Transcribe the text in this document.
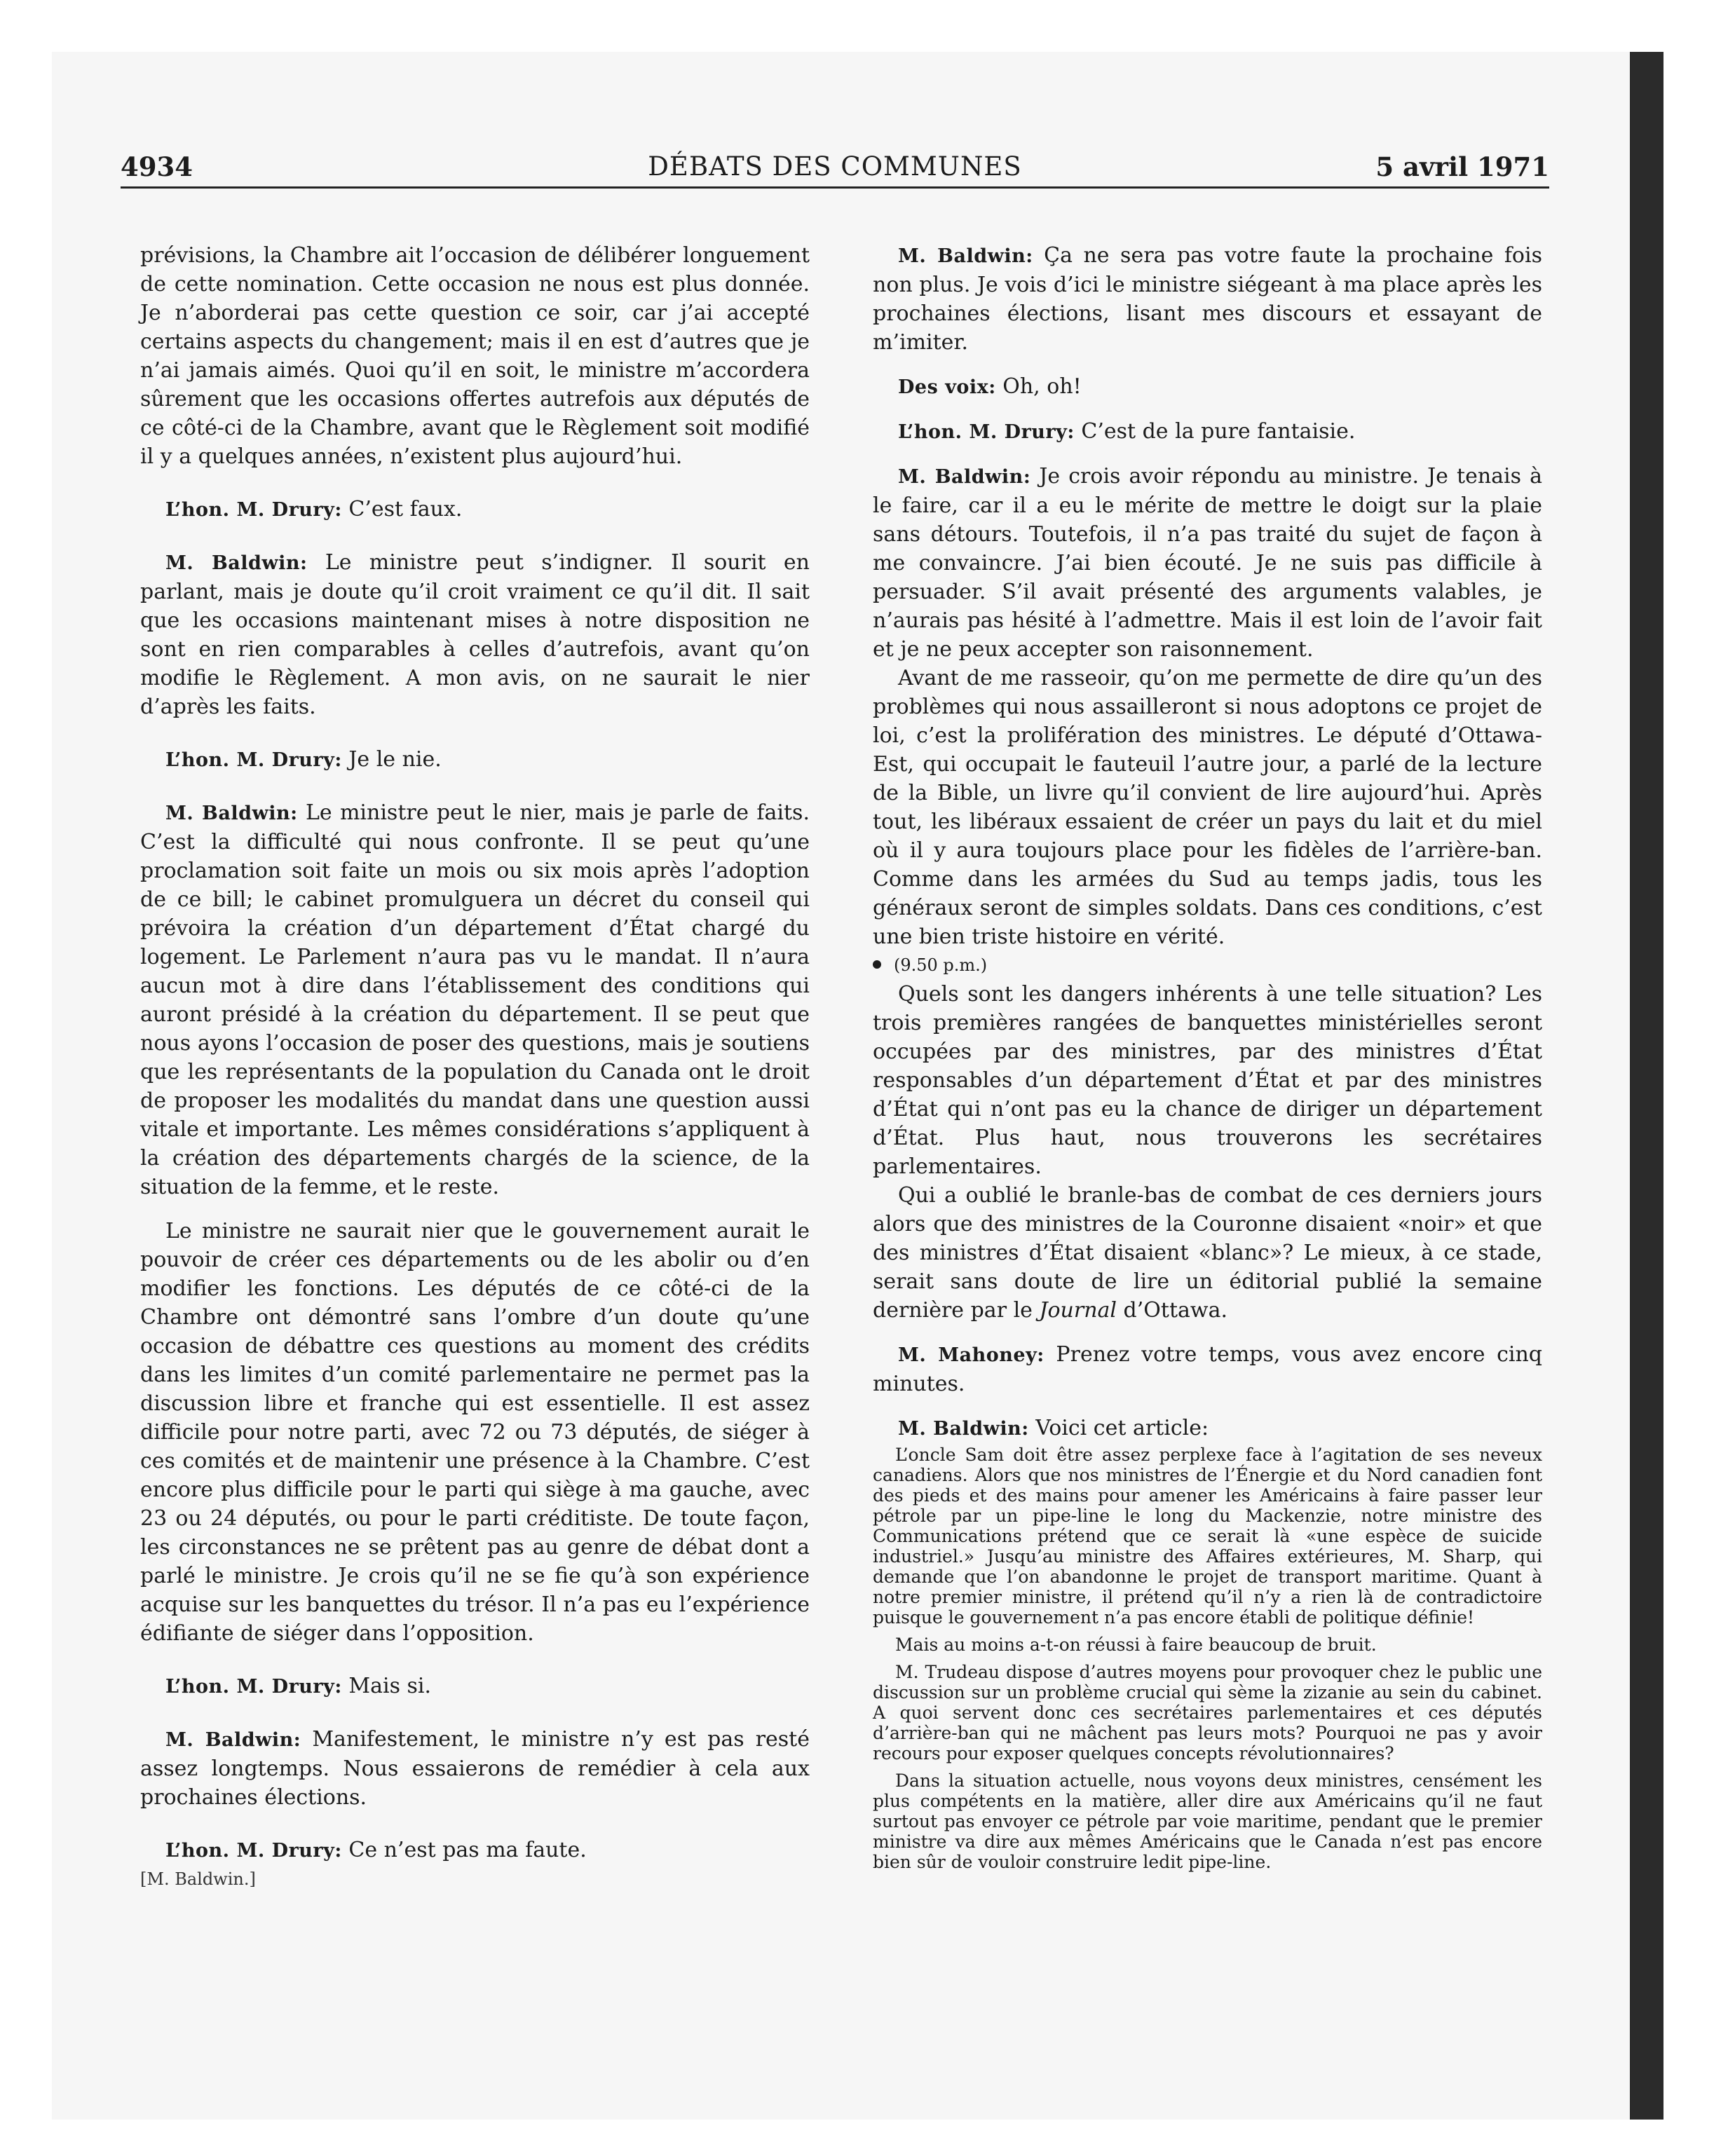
4934	DÉBATS DES COMMUNES	5 avril 1971

prévisions, la Chambre ait l’occasion de délibérer longuement de cette nomination. Cette occasion ne nous est plus donnée. Je n’aborderai pas cette question ce soir, car j’ai accepté certains aspects du changement; mais il en est d’autres que je n’ai jamais aimés. Quoi qu’il en soit, le ministre m’accordera sûrement que les occasions offertes autrefois aux députés de ce côté-ci de la Chambre, avant que le Règlement soit modifié il y a quelques années, n’existent plus aujourd’hui.

L’hon. M. Drury: C’est faux.

M. Baldwin: Le ministre peut s’indigner. Il sourit en parlant, mais je doute qu’il croit vraiment ce qu’il dit. Il sait que les occasions maintenant mises à notre disposition ne sont en rien comparables à celles d’autrefois, avant qu’on modifie le Règlement. A mon avis, on ne saurait le nier d’après les faits.

L’hon. M. Drury: Je le nie.

M. Baldwin: Le ministre peut le nier, mais je parle de faits. C’est la difficulté qui nous confronte. Il se peut qu’une proclamation soit faite un mois ou six mois après l’adoption de ce bill; le cabinet promulguera un décret du conseil qui prévoira la création d’un département d’État chargé du logement. Le Parlement n’aura pas vu le mandat. Il n’aura aucun mot à dire dans l’établissement des conditions qui auront présidé à la création du département. Il se peut que nous ayons l’occasion de poser des questions, mais je soutiens que les représentants de la population du Canada ont le droit de proposer les modalités du mandat dans une question aussi vitale et importante. Les mêmes considérations s’appliquent à la création des départements chargés de la science, de la situation de la femme, et le reste.

Le ministre ne saurait nier que le gouvernement aurait le pouvoir de créer ces départements ou de les abolir ou d’en modifier les fonctions. Les députés de ce côté-ci de la Chambre ont démontré sans l’ombre d’un doute qu’une occasion de débattre ces questions au moment des crédits dans les limites d’un comité parlementaire ne permet pas la discussion libre et franche qui est essentielle. Il est assez difficile pour notre parti, avec 72 ou 73 députés, de siéger à ces comités et de maintenir une présence à la Chambre. C’est encore plus difficile pour le parti qui siège à ma gauche, avec 23 ou 24 députés, ou pour le parti créditiste. De toute façon, les circonstances ne se prêtent pas au genre de débat dont a parlé le ministre. Je crois qu’il ne se fie qu’à son expérience acquise sur les banquettes du trésor. Il n’a pas eu l’expérience édifiante de siéger dans l’opposition.

L’hon. M. Drury: Mais si.

M. Baldwin: Manifestement, le ministre n’y est pas resté assez longtemps. Nous essaierons de remédier à cela aux prochaines élections.

L’hon. M. Drury: Ce n’est pas ma faute.

[M. Baldwin.]

M. Baldwin: Ça ne sera pas votre faute la prochaine fois non plus. Je vois d’ici le ministre siégeant à ma place après les prochaines élections, lisant mes discours et essayant de m’imiter.

Des voix: Oh, oh!

L’hon. M. Drury: C’est de la pure fantaisie.

M. Baldwin: Je crois avoir répondu au ministre. Je tenais à le faire, car il a eu le mérite de mettre le doigt sur la plaie sans détours. Toutefois, il n’a pas traité du sujet de façon à me convaincre. J’ai bien écouté. Je ne suis pas difficile à persuader. S’il avait présenté des arguments valables, je n’aurais pas hésité à l’admettre. Mais il est loin de l’avoir fait et je ne peux accepter son raisonnement.

Avant de me rasseoir, qu’on me permette de dire qu’un des problèmes qui nous assailleront si nous adoptons ce projet de loi, c’est la prolifération des ministres. Le député d’Ottawa-Est, qui occupait le fauteuil l’autre jour, a parlé de la lecture de la Bible, un livre qu’il convient de lire aujourd’hui. Après tout, les libéraux essaient de créer un pays du lait et du miel où il y aura toujours place pour les fidèles de l’arrière-ban. Comme dans les armées du Sud au temps jadis, tous les généraux seront de simples soldats. Dans ces conditions, c’est une bien triste histoire en vérité.

(9.50 p.m.)

Quels sont les dangers inhérents à une telle situation? Les trois premières rangées de banquettes ministérielles seront occupées par des ministres, par des ministres d’État responsables d’un département d’État et par des ministres d’État qui n’ont pas eu la chance de diriger un département d’État. Plus haut, nous trouverons les secrétaires parlementaires.

Qui a oublié le branle-bas de combat de ces derniers jours alors que des ministres de la Couronne disaient «noir» et que des ministres d’État disaient «blanc»? Le mieux, à ce stade, serait sans doute de lire un éditorial publié la semaine dernière par le Journal d’Ottawa.

M. Mahoney: Prenez votre temps, vous avez encore cinq minutes.

M. Baldwin: Voici cet article:

L’oncle Sam doit être assez perplexe face à l’agitation de ses neveux canadiens. Alors que nos ministres de l’Énergie et du Nord canadien font des pieds et des mains pour amener les Américains à faire passer leur pétrole par un pipe-line le long du Mackenzie, notre ministre des Communications prétend que ce serait là «une espèce de suicide industriel.» Jusqu’au ministre des Affaires extérieures, M. Sharp, qui demande que l’on abandonne le projet de transport maritime. Quant à notre premier ministre, il prétend qu’il n’y a rien là de contradictoire puisque le gouvernement n’a pas encore établi de politique définie!

Mais au moins a-t-on réussi à faire beaucoup de bruit.

M. Trudeau dispose d’autres moyens pour provoquer chez le public une discussion sur un problème crucial qui sème la zizanie au sein du cabinet. A quoi servent donc ces secrétaires parlementaires et ces députés d’arrière-ban qui ne mâchent pas leurs mots? Pourquoi ne pas y avoir recours pour exposer quelques concepts révolutionnaires?

Dans la situation actuelle, nous voyons deux ministres, censément les plus compétents en la matière, aller dire aux Américains qu’il ne faut surtout pas envoyer ce pétrole par voie maritime, pendant que le premier ministre va dire aux mêmes Américains que le Canada n’est pas encore bien sûr de vouloir construire ledit pipe-line.
